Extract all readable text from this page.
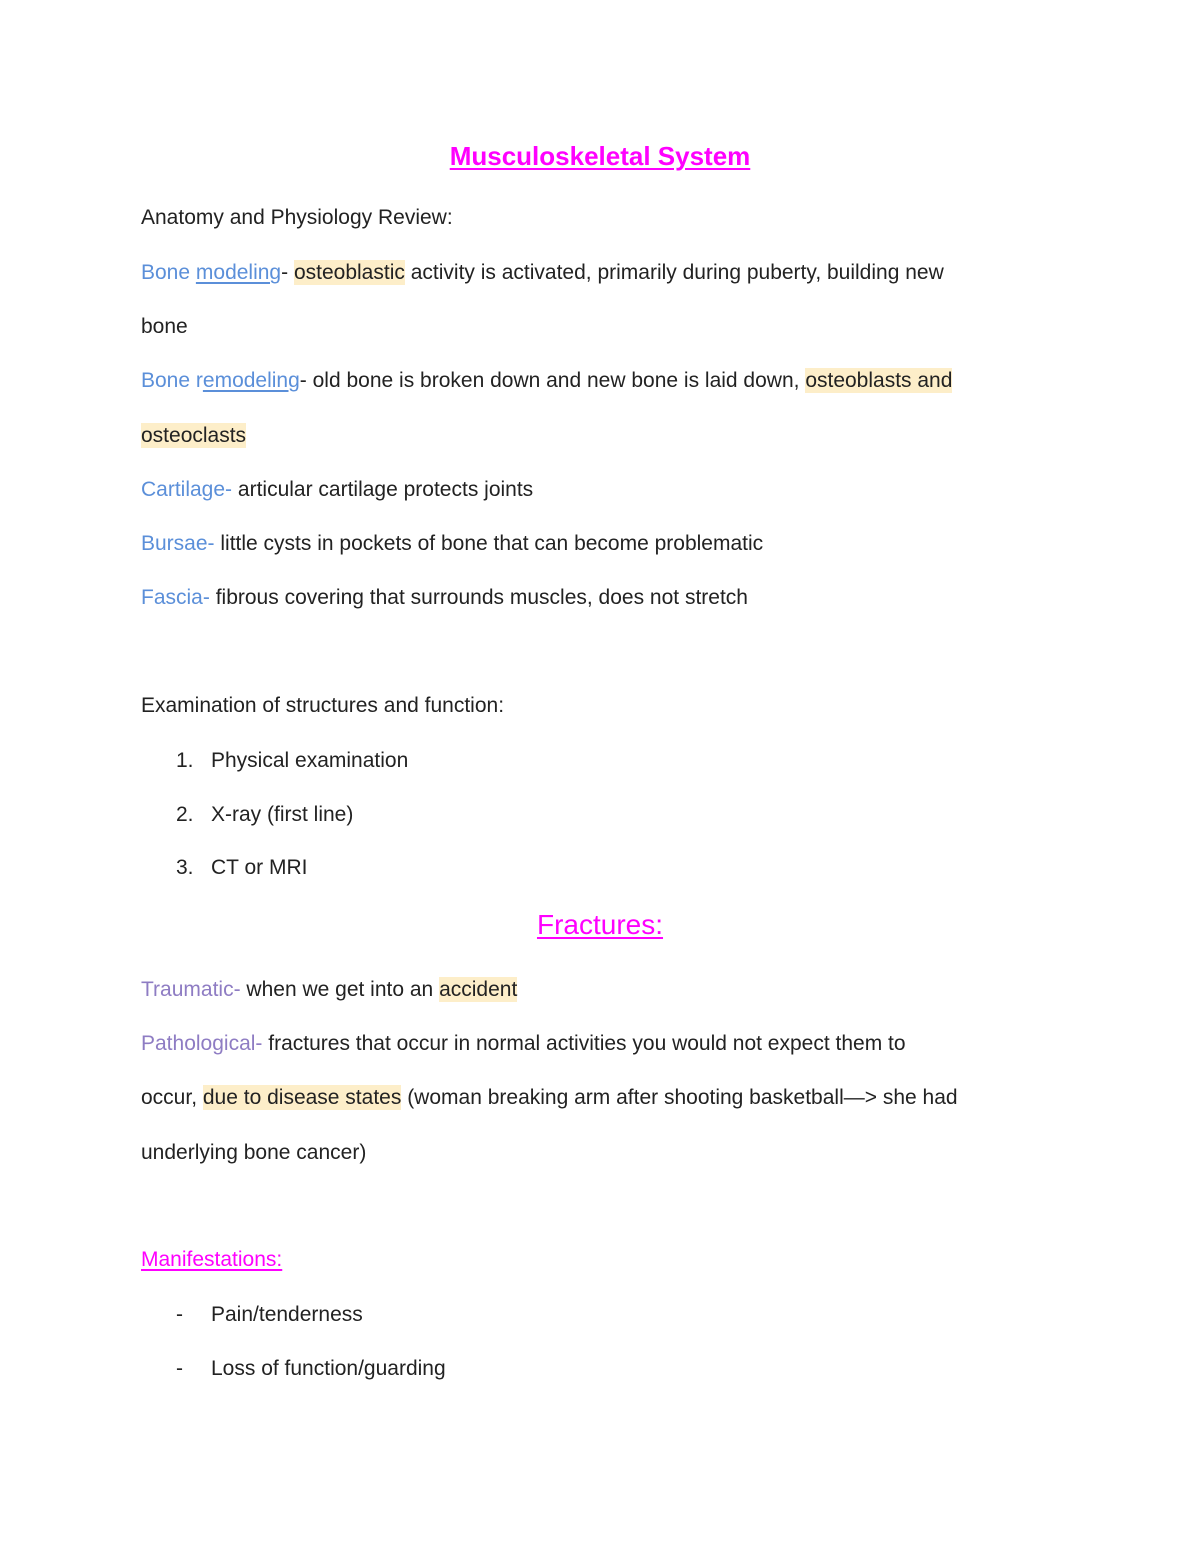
Musculoskeletal System
Anatomy and Physiology Review:
Bone modeling- osteoblastic activity is activated, primarily during puberty, building new
bone
Bone remodeling- old bone is broken down and new bone is laid down, osteoblasts and
osteoclasts
Cartilage- articular cartilage protects joints
Bursae- little cysts in pockets of bone that can become problematic
Fascia- fibrous covering that surrounds muscles, does not stretch
Examination of structures and function:
1. Physical examination
2. X-ray (first line)
3. CT or MRI
Fractures:
Traumatic- when we get into an accident
Pathological- fractures that occur in normal activities you would not expect them to
occur, due to disease states (woman breaking arm after shooting basketball—> she had
underlying bone cancer)
Manifestations:
- Pain/tenderness
- Loss of function/guarding
